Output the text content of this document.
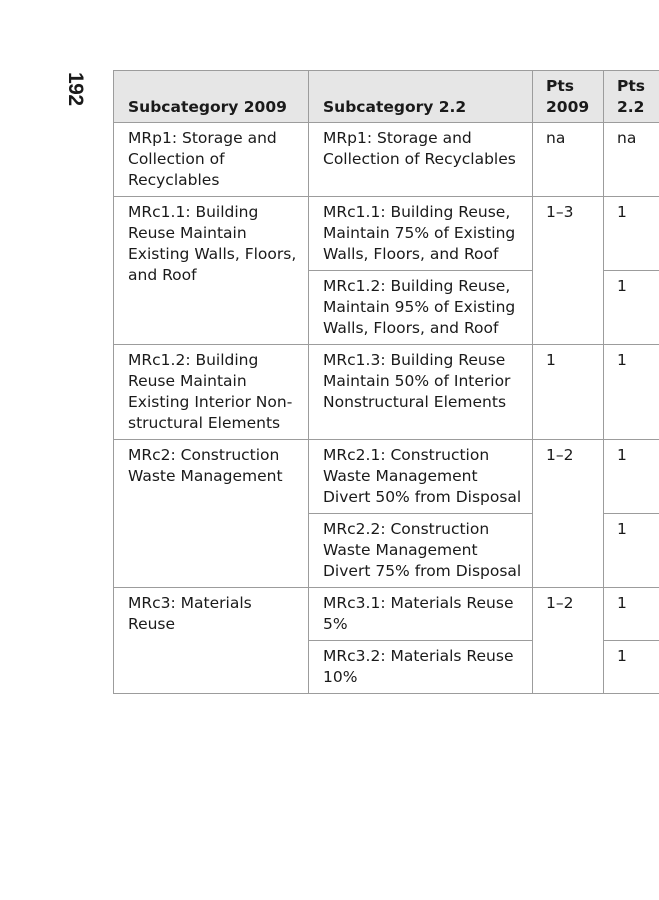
192
Subcategory 2009	Subcategory 2.2	Pts 2009	Pts 2.2
MRp1: Storage and Collection of Recyclables	MRp1: Storage and Collection of Recyclables	na	na
MRc1.1: Building Reuse Maintain Existing Walls, Floors, and Roof	MRc1.1: Building Reuse, Maintain 75% of Existing Walls, Floors, and Roof	1–3	1
	MRc1.2: Building Reuse, Maintain 95% of Existing Walls, Floors, and Roof		1
MRc1.2: Building Reuse Maintain Existing Interior Non-structural Elements	MRc1.3: Building Reuse Maintain 50% of Interior Nonstructural Elements	1	1
MRc2: Construction Waste Management	MRc2.1: Construction Waste Management Divert 50% from Disposal	1–2	1
	MRc2.2: Construction Waste Management Divert 75% from Disposal		1
MRc3: Materials Reuse	MRc3.1: Materials Reuse 5%	1–2	1
	MRc3.2: Materials Reuse 10%		1
